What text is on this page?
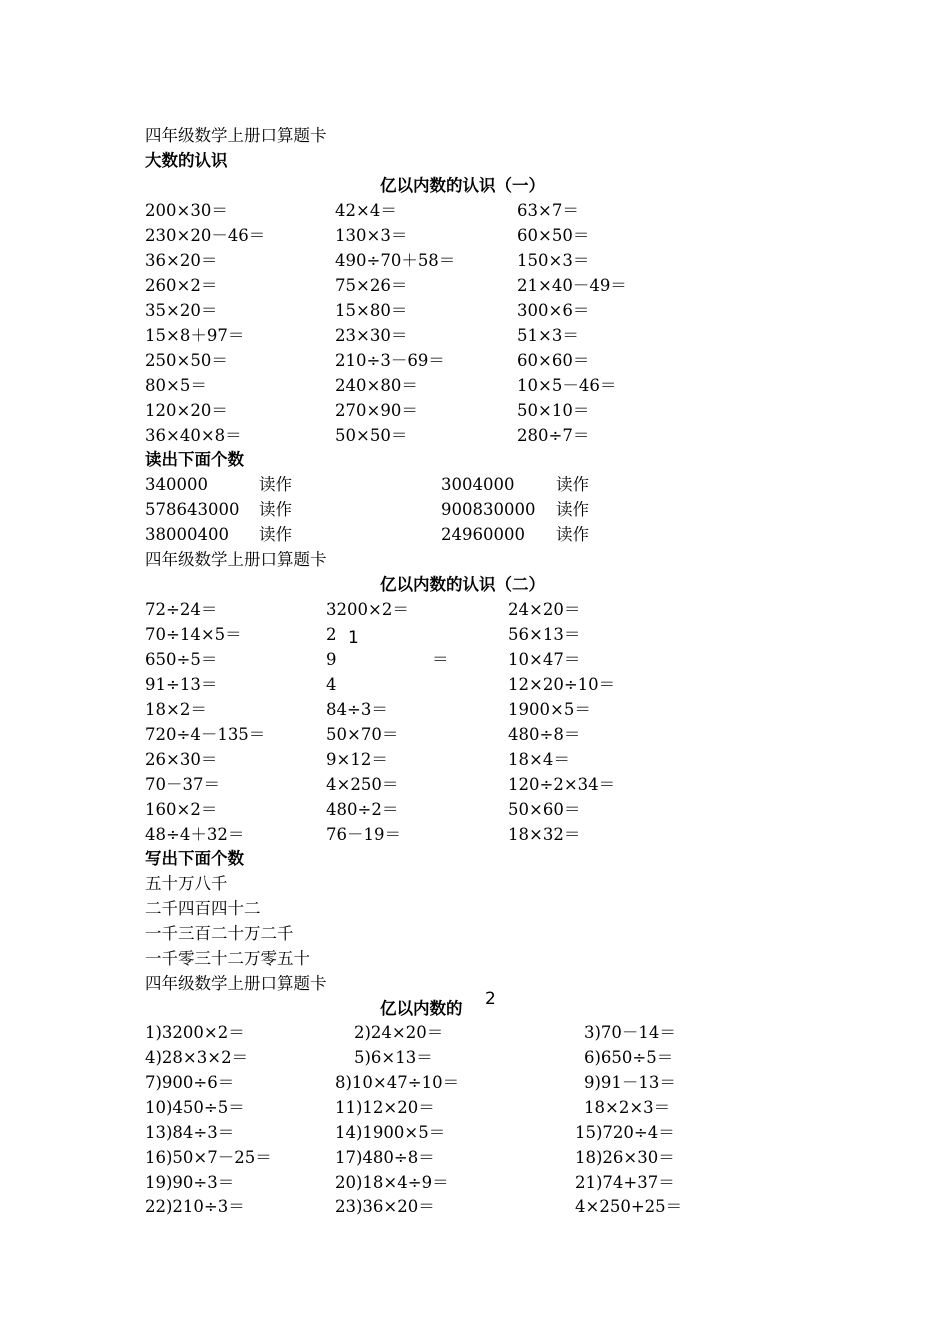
四年级数学上册口算题卡
大数的认识
亿以内数的认识（一）
200×30＝	42×4＝	63×7＝
230×20－46＝	130×3＝	60×50＝
36×20＝	490÷70＋58＝	150×3＝
260×2＝	75×26＝	21×40－49＝
35×20＝	15×80＝	300×6＝
15×8＋97＝	23×30＝	51×3＝
250×50＝	210÷3－69＝	60×60＝
80×5＝	240×80＝	10×5－46＝
120×20＝	270×90＝	50×10＝
36×40×8＝	50×50＝	280÷7＝
读出下面个数
340000	读作	3004000	读作
578643000 读作	900830000 读作
38000400 读作	24960000 读作
四年级数学上册口算题卡
亿以内数的认识（二）
72÷24＝	3200×2＝	24×20＝
70÷14×5＝	2	56×13＝
650÷5＝	9	＝	10×47＝
91÷13＝	4	12×20÷10＝
18×2＝	84÷3＝	1900×5＝
720÷4－135＝	50×70＝	480÷8＝
26×30＝	9×12＝	18×4＝
70－37＝	4×250＝	120÷2×34＝
160×2＝	480÷2＝	50×60＝
48÷4＋32＝	76－19＝	18×32＝
1
写出下面个数
五十万八千
二千四百四十二
一千三百二十万二千
一千零三十二万零五十
四年级数学上册口算题卡
亿以内数的 2
1)3200×2＝	2)24×20＝	3)70－14＝
4)28×3×2＝	5)6×13＝	6)650÷5＝
7)900÷6＝	8)10×47÷10＝	9)91－13＝
10)450÷5＝	11)12×20＝	18×2×3＝
13)84÷3＝	14)1900×5＝	15)720÷4＝
16)50×7－25＝	17)480÷8＝	18)26×30＝
19)90÷3＝	20)18×4÷9＝	21)74+37＝
22)210÷3＝	23)36×20＝	4×250+25＝
